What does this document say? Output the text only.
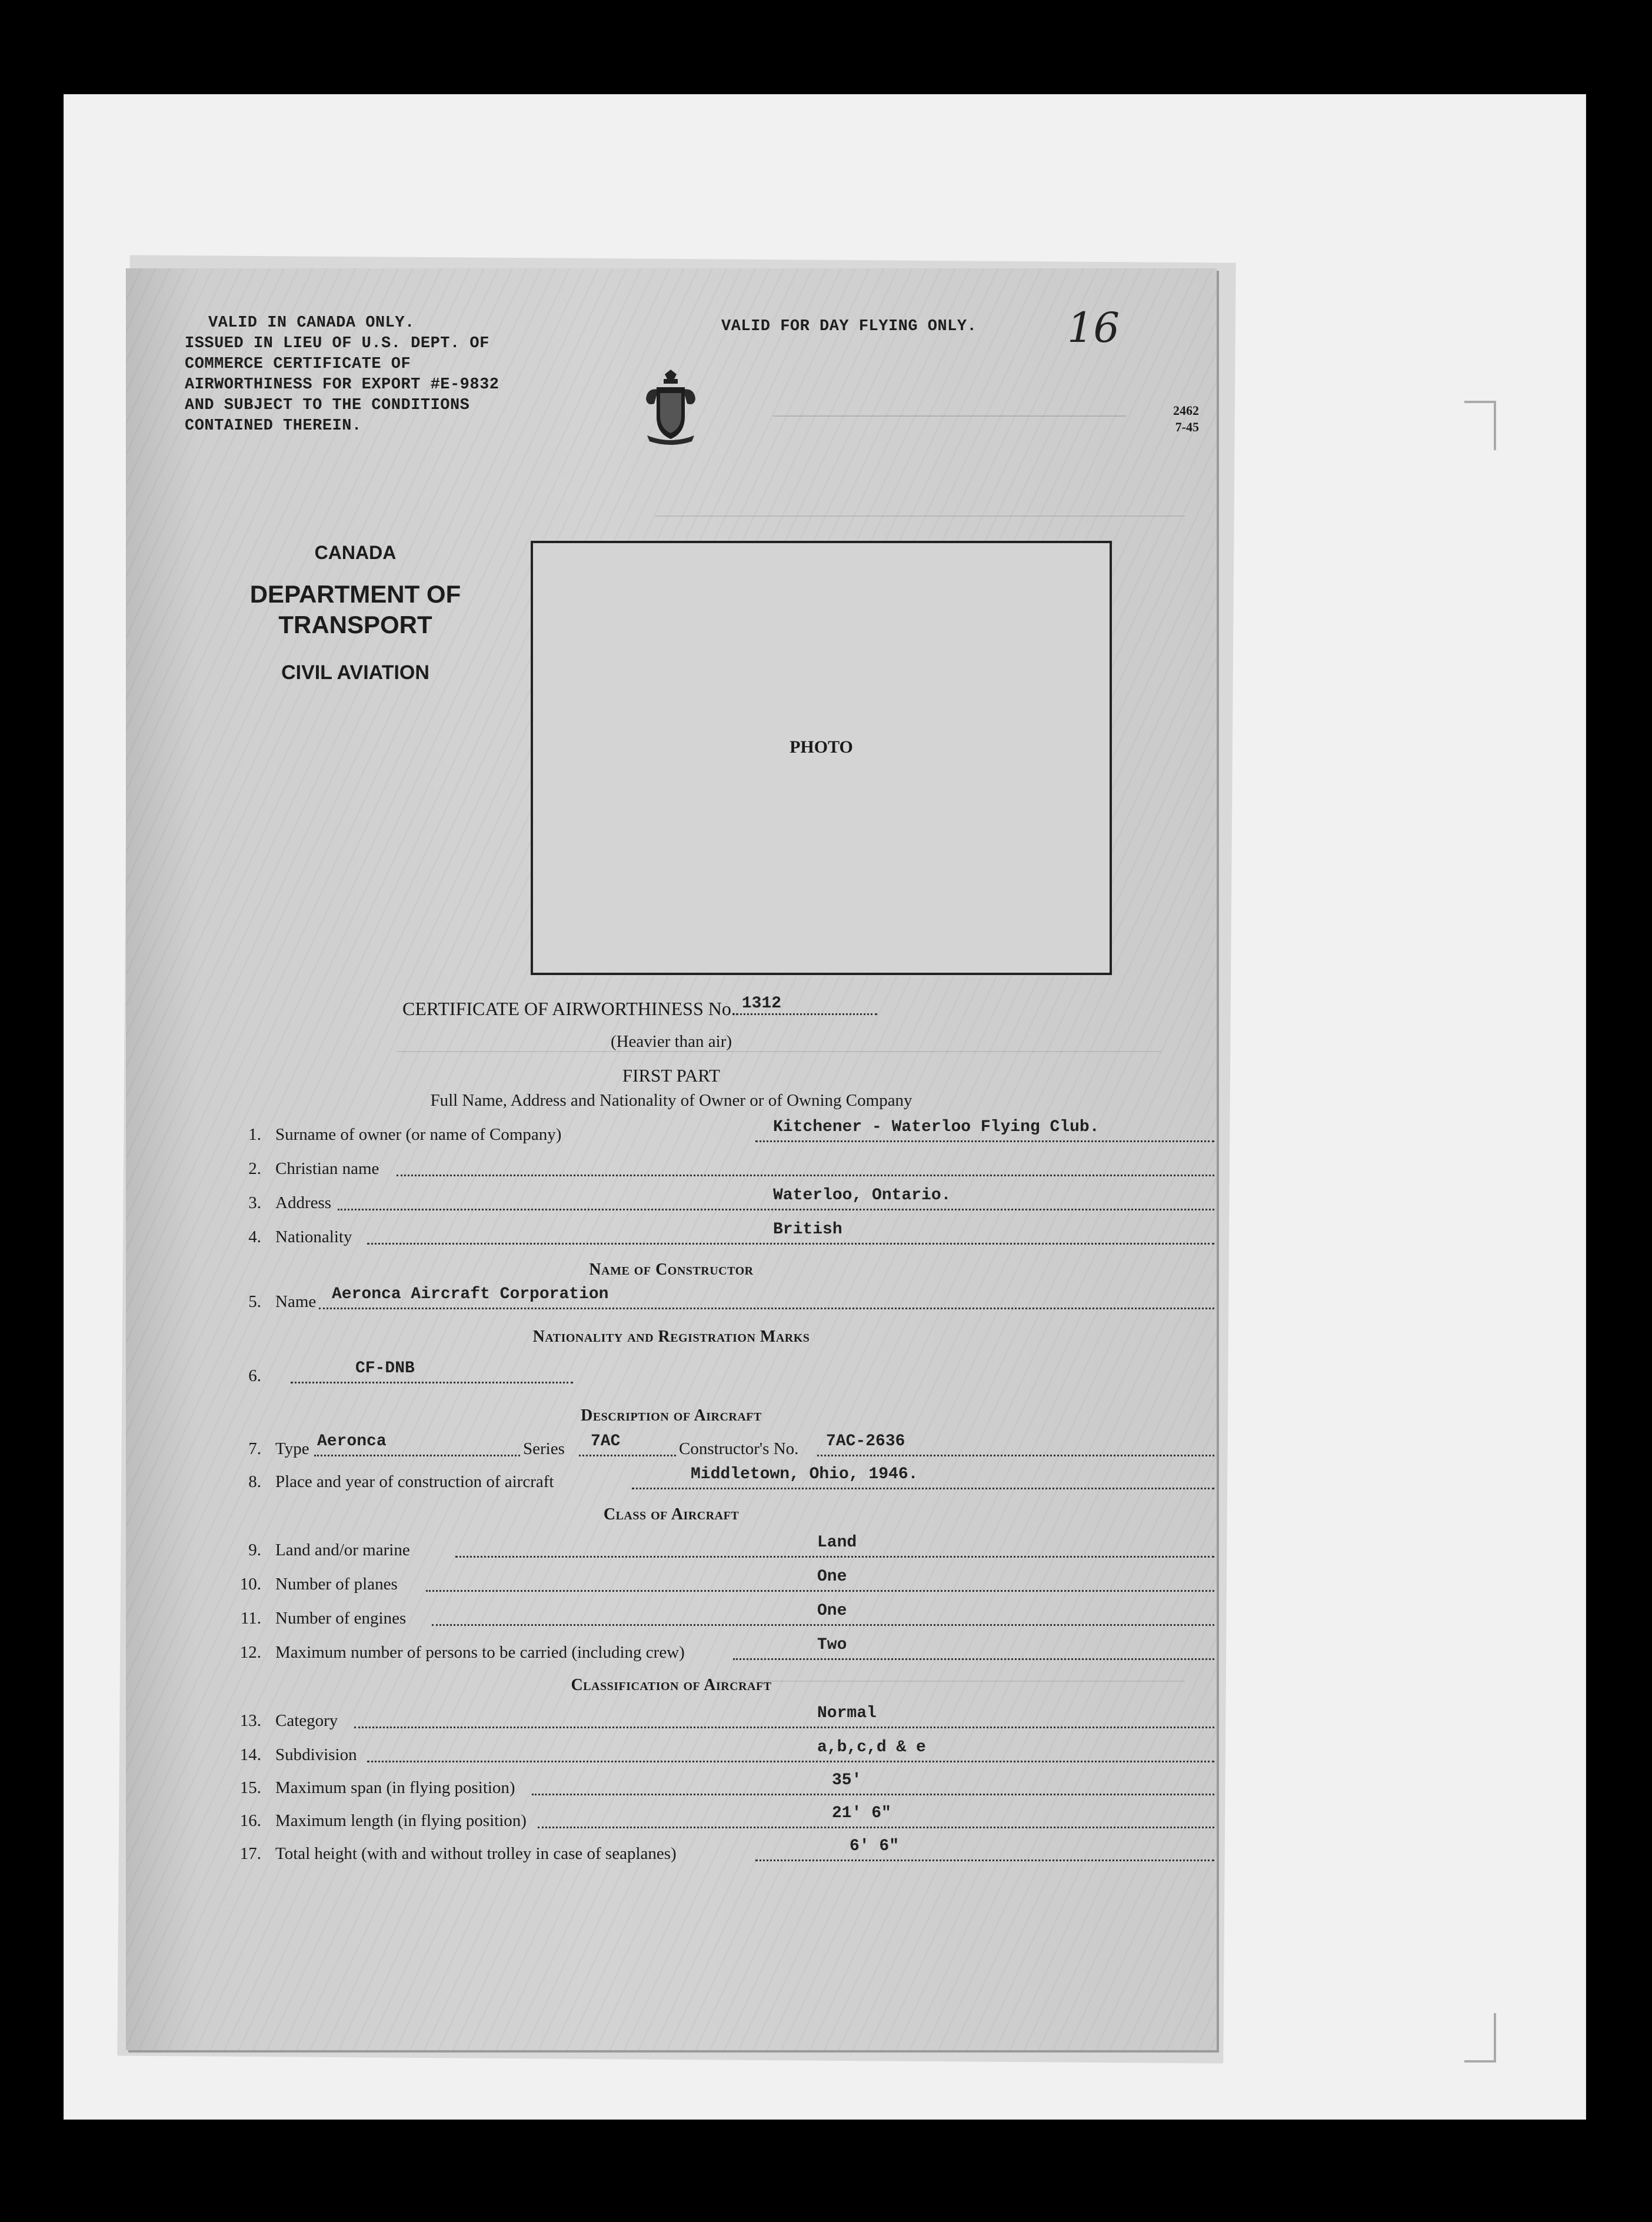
VALID IN CANADA ONLY.
ISSUED IN LIEU OF U.S. DEPT. OF
COMMERCE CERTIFICATE OF
AIRWORTHINESS FOR EXPORT #E-9832
AND SUBJECT TO THE CONDITIONS
CONTAINED THEREIN.
VALID FOR DAY FLYING ONLY. 16
2462
7-45
CANADA
DEPARTMENT OF
TRANSPORT
CIVIL AVIATION
PHOTO
CERTIFICATE OF AIRWORTHINESS No. 1312
(Heavier than air)
FIRST PART
Full Name, Address and Nationality of Owner or of Owning Company
1. Surname of owner (or name of Company)	Kitchener - Waterloo Flying Club.
2. Christian name
3. Address	Waterloo, Ontario.
4. Nationality	British
Name of Constructor
5. Name Aeronca Aircraft Corporation
Nationality and Registration Marks
6.	CF-DNB
Description of Aircraft
7. Type Aeronca	Series 7AC	Constructor's No. 7AC-2636
8. Place and year of construction of aircraft	Middletown, Ohio, 1946.
Class of Aircraft
9. Land and/or marine	Land
10. Number of planes	One
11. Number of engines	One
12. Maximum number of persons to be carried (including crew)	Two
Classification of Aircraft
13. Category	Normal
14. Subdivision	a,b,c,d & e
15. Maximum span (in flying position)	35'
16. Maximum length (in flying position)	21' 6"
17. Total height (with and without trolley in case of seaplanes)	6' 6"
